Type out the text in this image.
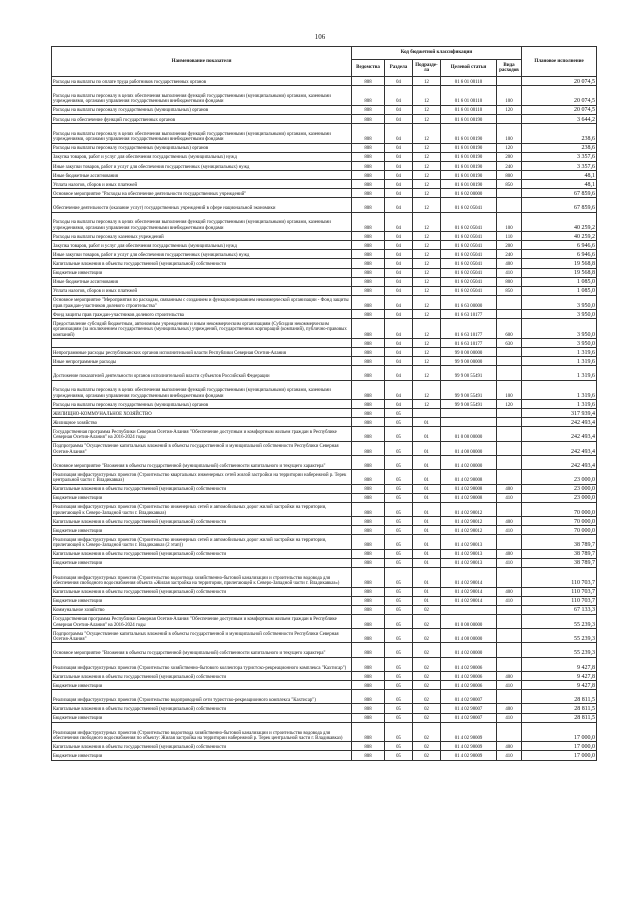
106
Наименование показателя	Код бюджетной классификации					Плановое исполнение
	Ведомства	Раздела	Подразде-ла	Целевой статьи	Вида расходов	
Расходы на выплаты по оплате труда работников государственных органов	808	04	12	01 6 01 00110		20 074,5
Расходы на выплаты персоналу в целях обеспечения выполнения функций государственными (муниципальными) органами, казенными учреждениями, органами управления государственными внебюджетными фондами	808	04	12	01 6 01 00110	100	20 074,5
Расходы на выплаты персоналу государственных (муниципальных) органов	808	04	12	01 6 01 00110	120	20 074,5
Расходы на обеспечение функций государственных органов	808	04	12	01 6 01 00190		3 644,2
Расходы на выплаты персоналу в целях обеспечения выполнения функций государственными (муниципальными) органами, казенными учреждениями, органами управления государственными внебюджетными фондами	808	04	12	01 6 01 00190	100	238,6
Расходы на выплаты персоналу государственных (муниципальных) органов	808	04	12	01 6 01 00190	120	238,6
Закупка товаров, работ и услуг для обеспечения государственных (муниципальных) нужд	808	04	12	01 6 01 00190	200	3 357,6
Иные закупки товаров, работ и услуг для обеспечения государственных (муниципальных) нужд	808	04	12	01 6 01 00190	240	3 357,6
Иные бюджетные ассигнования	808	04	12	01 6 01 00190	800	48,1
Уплата налогов, сборов и иных платежей	808	04	12	01 6 01 00190	850	48,1
Основное мероприятие "Расходы на обеспечение деятельности государственных учреждений"	808	04	12	01 6 02 00000		67 859,6
Обеспечение деятельности (оказание услуг) государственных учреждений в сфере национальной экономики	808	04	12	01 6 02 05041		67 859,6
Расходы на выплаты персоналу в целях обеспечения выполнения функций государственными (муниципальными) органами, казенными учреждениями, органами управления государственными внебюджетными фондами	808	04	12	01 6 02 05041	100	40 259,2
Расходы на выплаты персоналу казенных учреждений	808	04	12	01 6 02 05041	110	40 259,2
Закупка товаров, работ и услуг для обеспечения государственных (муниципальных) нужд	808	04	12	01 6 02 05041	200	6 946,6
Иные закупки товаров, работ и услуг для обеспечения государственных (муниципальных) нужд	808	04	12	01 6 02 05041	240	6 946,6
Капитальные вложения в объекты государственной (муниципальной) собственности	808	04	12	01 6 02 05041	400	19 568,8
Бюджетные инвестиции	808	04	12	01 6 02 05041	410	19 568,8
Иные бюджетные ассигнования	808	04	12	01 6 02 05041	800	1 085,0
Уплата налогов, сборов и иных платежей	808	04	12	01 6 02 05041	850	1 085,0
Основное мероприятие "Мероприятия по расходам, связанным с созданием и функционированием некоммерческой организации - Фонд защиты прав граждан-участников долевого строительства"	808	04	12	01 6 63 00000		3 950,0
Фонд защиты прав граждан-участников долевого строительства	808	04	12	01 6 63 10177		3 950,0
Предоставление субсидий бюджетным, автономным учреждениям и иным некоммерческим организациям (Субсидии некоммерческим организациям (за исключением государственных (муниципальных) учреждений, государственных корпораций (компаний), публично-правовых компаний)	808	04	12	01 6 63 10177	600	3 950,0
	808	04	12	01 6 63 10177	630	3 950,0
Непрограммные расходы республиканских органов исполнительной власти Республики Северная Осетия-Алания	808	04	12	99 0 00 00000		1 319,6
Иные непрограммные расходы	808	04	12	99 9 00 00000		1 319,6
Достижение показателей деятельности органов исполнительной власти субъектов Российской Федерации	808	04	12	99 9 00 55491		1 319,6
Расходы на выплаты персоналу в целях обеспечения выполнения функций государственными (муниципальными) органами, казенными учреждениями, органами управления государственными внебюджетными фондами	808	04	12	99 9 00 55491	100	1 319,6
Расходы на выплаты персоналу государственных (муниципальных) органов	808	04	12	99 9 00 55491	120	1 319,6
ЖИЛИЩНО-КОММУНАЛЬНОЕ ХОЗЯЙСТВО	808	05				317 939,4
Жилищное хозяйство	808	05	01			242 493,4
Государственная программа Республики Северная Осетия-Алания "Обеспечение доступным и комфортным жильем граждан в Республике Северная Осетия-Алания" на 2016-2024 годы	808	05	01	01 0 00 00000		242 493,4
Подпрограмма "Осуществление капитальных вложений в объекты государственной и муниципальной собственности Республики Северная Осетия-Алания"	808	05	01	01 4 00 00000		242 493,4
Основное мероприятие "Вложения в объекты государственной (муниципальной) собственности капитального и текущего характера"	808	05	01	01 4 02 00000		242 493,4
Реализация инфраструктурных проектов (Строительство квартальных инженерных сетей жилой застройки на территории набережной р. Терек центральной части г. Владикавказ)	808	05	01	01 4 02 98008		23 000,0
Капитальные вложения в объекты государственной (муниципальной) собственности	808	05	01	01 4 02 98008	400	23 000,0
Бюджетные инвестиции	808	05	01	01 4 02 98008	410	23 000,0
Реализация инфраструктурных проектов (Строительство инженерных сетей и автомобильных дорог жилой застройки на территории, прилегающей к Северо-Западной части г. Владикавказ)	808	05	01	01 4 02 98012		70 000,0
Капитальные вложения в объекты государственной (муниципальной) собственности	808	05	01	01 4 02 98012	400	70 000,0
Бюджетные инвестиции	808	05	01	01 4 02 98012	410	70 000,0
Реализация инфраструктурных проектов (Строительство инженерных сетей и автомобильных дорог жилой застройки на территории, прилегающей к Северо-Западной части г. Владикавказ (2 этап))	808	05	01	01 4 02 98013		38 789,7
Капитальные вложения в объекты государственной (муниципальной) собственности	808	05	01	01 4 02 98013	400	38 789,7
Бюджетные инвестиции	808	05	01	01 4 02 98013	410	38 789,7
Реализация инфраструктурных проектов (Строительство водоотвода хозяйственно-бытовой канализации и строительство водовода для обеспечения свободного водоснабжения объекта «Жилая застройка на территории, прилегающей к Северо-Западной части г. Владикавказ»)	808	05	01	01 4 02 98014		110 703,7
Капитальные вложения в объекты государственной (муниципальной) собственности	808	05	01	01 4 02 98014	400	110 703,7
Бюджетные инвестиции	808	05	01	01 4 02 98014	410	110 703,7
Коммунальное хозяйство	808	05	02			67 133,3
Государственная программа Республики Северная Осетия-Алания "Обеспечение доступным и комфортным жильем граждан в Республике Северная Осетия-Алания" на 2016-2024 годы	808	05	02	01 0 00 00000		55 239,3
Подпрограмма "Осуществление капитальных вложений в объекты государственной и муниципальной собственности Республики Северная Осетия-Алания"	808	05	02	01 4 00 00000		55 239,3
Основное мероприятие "Вложения в объекты государственной (муниципальной) собственности капитального и текущего характера"	808	05	02	01 4 02 00000		55 239,3
Реализация инфраструктурных проектов (Строительство хозяйственно-бытового коллектора туристско-рекреационного комплекса "Кахтисар")	808	05	02	01 4 02 98006		9 427,8
Капитальные вложения в объекты государственной (муниципальной) собственности	808	05	02	01 4 02 98006	400	9 427,8
Бюджетные инвестиции	808	05	02	01 4 02 98006	410	9 427,8
Реализация инфраструктурных проектов (Строительство водопроводной сети туристско-рекреационного комплекса "Кахтисар")	808	05	02	01 4 02 98007		28 811,5
Капитальные вложения в объекты государственной (муниципальной) собственности	808	05	02	01 4 02 98007	400	28 811,5
Бюджетные инвестиции	808	05	02	01 4 02 98007	410	28 811,5
Реализация инфраструктурных проектов (Строительство водоотвода хозяйственно-бытовой канализации и строительство водовода для обеспечения свободного водоснабжения по объекту: Жилая застройка на территории набережной р. Терек центральной части г. Владикавказ)	808	05	02	01 4 02 98009		17 000,0
Капитальные вложения в объекты государственной (муниципальной) собственности	808	05	02	01 4 02 98009	400	17 000,0
Бюджетные инвестиции	808	05	02	01 4 02 98009	410	17 000,0
